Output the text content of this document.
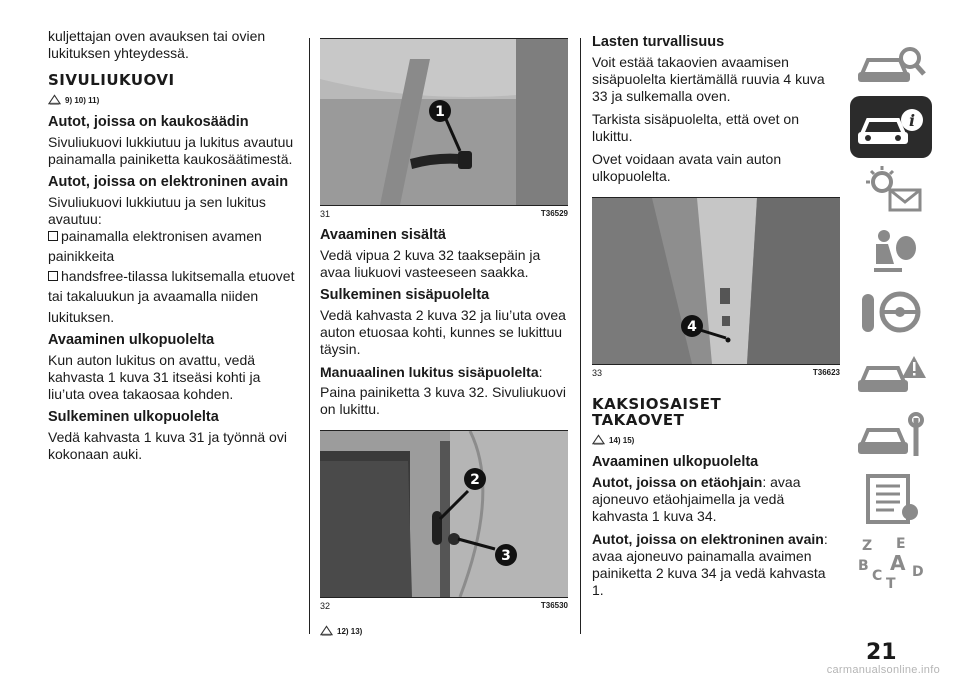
kuljettajan oven avauksen tai ovien lukituksen yhteydessä.

SIVULIUKUOVI
9) 10) 11)
Autot, joissa on kaukosäädin

Sivuliukuovi lukkiutuu ja lukitus avautuu painamalla painiketta kaukosäätimestä.

Autot, joissa on elektroninen avain

Sivuliukuovi lukkiutuu ja sen lukitus avautuu:

painamalla elektronisen avamen

painikkeita

handsfree-tilassa lukitsemalla etuovet

tai takaluukun ja avaamalla niiden

lukituksen.

Avaaminen ulkopuolelta

Kun auton lukitus on avattu, vedä kahvasta 1 kuva 31 itseäsi kohti ja liu’uta ovea takaosaa kohden.

Sulkeminen ulkopuolelta

Vedä kahvasta 1 kuva 31 ja työnnä ovi kokonaan auki.

1
31	T36529
Avaaminen sisältä

Vedä vipua 2 kuva 32 taaksepäin ja avaa liukuovi vasteeseen saakka.

Sulkeminen sisäpuolelta

Vedä kahvasta 2 kuva 32 ja liu’uta ovea auton etuosaa kohti, kunnes se lukittuu täysin.

Manuaalinen lukitus sisäpuolelta:

Paina painiketta 3 kuva 32. Sivuliukuovi on lukittu.

2
3
32	T36530
12) 13)
Lasten turvallisuus

Voit estää takaovien avaamisen sisäpuolelta kiertämällä ruuvia 4 kuva 33 ja sulkemalla oven.

Tarkista sisäpuolelta, että ovet on lukittu.

Ovet voidaan avata vain auton ulkopuolelta.

4
33	T36623
KAKSIOSAISET
TAKAOVET
14) 15)
Avaaminen ulkopuolelta

Autot, joissa on etäohjain: avaa ajoneuvo etäohjaimella ja vedä kahvasta 1 kuva 34.

Autot, joissa on elektroninen avain: avaa ajoneuvo painamalla avaimen painiketta 2 kuva 34 ja vedä kahvasta 1.

i
Z E
B
C
A D
T
21
carmanualsonline.info
